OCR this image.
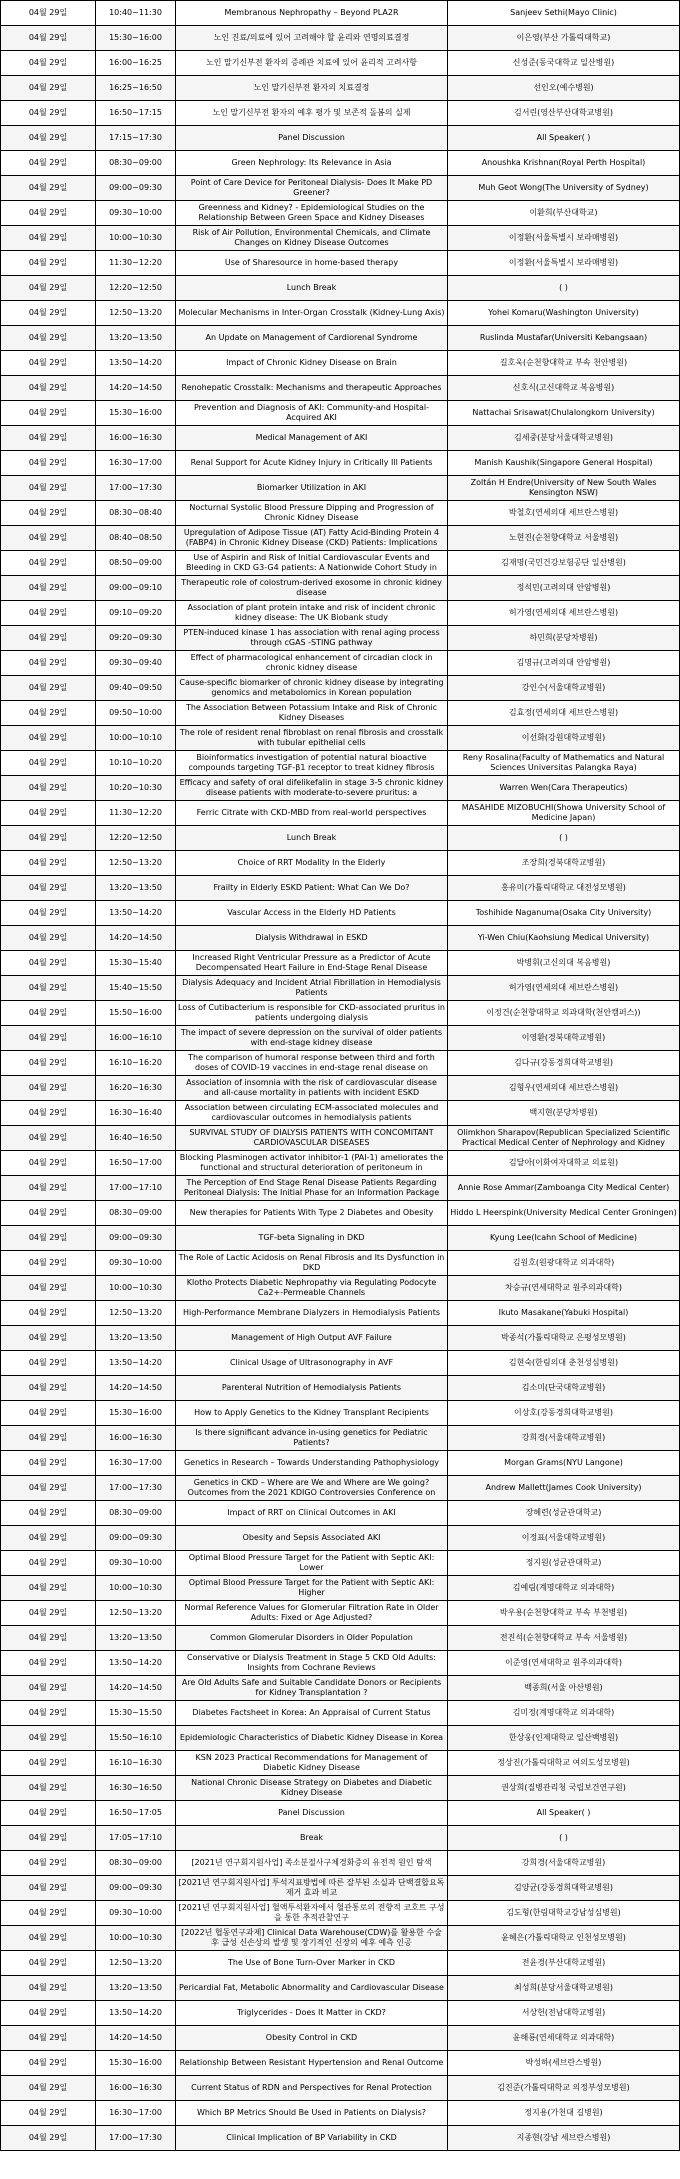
04월 29일	10:40~11:30	Membranous Nephropathy – Beyond PLA2R	Sanjeev Sethi(Mayo Clinic)
04월 29일	15:30~16:00	노인 진료/의료에 있어 고려해야 할 윤리와 연명의료결정	이은영(부산 가톨릭대학교)
04월 29일	16:00~16:25	노인 말기신부전 환자의 증례관 치료에 있어 윤리적 고려사항	신성준(동국대학교 일산병원)
04월 29일	16:25~16:50	노인 말기신부전 환자의 치료결정	선인오(예수병원)
04월 29일	16:50~17:15	노인 말기신부전 환자의 예후 평가 및 보존적 돌봄의 실제	김서린(영산부산대학교병원)
04월 29일	17:15~17:30	Panel Discussion	All Speaker( )
04월 29일	08:30~09:00	Green Nephrology: Its Relevance in Asia	Anoushka Krishnan(Royal Perth Hospital)
04월 29일	09:00~09:30	Point of Care Device for Peritoneal Dialysis- Does It Make PD Greener?	Muh Geot Wong(The University of Sydney)
04월 29일	09:30~10:00	Greenness and Kidney? - Epidemiological Studies on the Relationship Between Green Space and Kidney Diseases	이환희(부산대학교)
04월 29일	10:00~10:30	Risk of Air Pollution, Environmental Chemicals, and Climate Changes on Kidney Disease Outcomes	이정환(서울특별시 보라매병원)
04월 29일	11:30~12:20	Use of Sharesource in home-based therapy	이정환(서울특별시 보라매병원)
04월 29일	12:20~12:50	Lunch Break	( )
04월 29일	12:50~13:20	Molecular Mechanisms in Inter-Organ Crosstalk (Kidney-Lung Axis)	Yohei Komaru(Washington University)
04월 29일	13:20~13:50	An Update on Management of Cardiorenal Syndrome	Ruslinda Mustafar(Universiti Kebangsaan)
04월 29일	13:50~14:20	Impact of Chronic Kidney Disease on Brain	길호욱(순천향대학교 부속 천안병원)
04월 29일	14:20~14:50	Renohepatic Crosstalk: Mechanisms and therapeutic Approaches	신호식(고신대학교 복음병원)
04월 29일	15:30~16:00	Prevention and Diagnosis of AKI: Community-and Hospital-Acquired AKI	Nattachai Srisawat(Chulalongkorn University)
04월 29일	16:00~16:30	Medical Management of AKI	김세중(분당서울대학교병원)
04월 29일	16:30~17:00	Renal Support for Acute Kidney Injury in Critically Ill Patients	Manish Kaushik(Singapore General Hospital)
04월 29일	17:00~17:30	Biomarker Utilization in AKI	Zoltán H Endre(University of New South Wales Kensington NSW)
04월 29일	08:30~08:40	Nocturnal Systolic Blood Pressure Dipping and Progression of Chronic Kidney Disease	박철호(연세의대 세브란스병원)
04월 29일	08:40~08:50	Upregulation of Adipose Tissue (AT) Fatty Acid-Binding Protein 4 (FABP4) in Chronic Kidney Disease (CKD) Patients: Implications	노현진(순천향대학교 서울병원)
04월 29일	08:50~09:00	Use of Aspirin and Risk of Initial Cardiovascular Events and Bleeding in CKD G3-G4 patients: A Nationwide Cohort Study in	김재명(국민건강보험공단 일산병원)
04월 29일	09:00~09:10	Therapeutic role of colostrum-derived exosome in chronic kidney disease	정석민(고려의대 안암병원)
04월 29일	09:10~09:20	Association of plant protein intake and risk of incident chronic kidney disease: The UK Biobank study	허가영(연세의대 세브란스병원)
04월 29일	09:20~09:30	PTEN-induced kinase 1 has association with renal aging process through cGAS -STING pathway	하민희(분당차병원)
04월 29일	09:30~09:40	Effect of pharmacological enhancement of circadian clock in chronic kidney disease	김명규(고려의대 안암병원)
04월 29일	09:40~09:50	Cause-specific biomarker of chronic kidney disease by integrating genomics and metabolomics in Korean population	강인수(서울대학교병원)
04월 29일	09:50~10:00	The Association Between Potassium Intake and Risk of Chronic Kidney Diseases	김효정(연세의대 세브란스병원)
04월 29일	10:00~10:10	The role of resident renal fibroblast on renal fibrosis and crosstalk with tubular epithelial cells	이선화(강원대학교병원)
04월 29일	10:10~10:20	Bioinformatics investigation of potential natural bioactive compounds targeting TGF-β1 receptor to treat kidney fibrosis	Reny Rosalina(Faculty of Mathematics and Natural Sciences Universitas Palangka Raya)
04월 29일	10:20~10:30	Efficacy and safety of oral difelikefalin in stage 3-5 chronic kidney disease patients with moderate-to-severe pruritus: a	Warren Wen(Cara Therapeutics)
04월 29일	11:30~12:20	Ferric Citrate with CKD-MBD from real-world perspectives	MASAHIDE MIZOBUCHI(Showa University School of Medicine Japan)
04월 29일	12:20~12:50	Lunch Break	( )
04월 29일	12:50~13:20	Choice of RRT Modality In the Elderly	조장희(경북대학교병원)
04월 29일	13:20~13:50	Frailty in Elderly ESKD Patient: What Can We Do?	홍유미(가톨릭대학교 대전성모병원)
04월 29일	13:50~14:20	Vascular Access in the Elderly HD Patients	Toshihide Naganuma(Osaka City University)
04월 29일	14:20~14:50	Dialysis Withdrawal in ESKD	Yi-Wen Chiu(Kaohsiung Medical University)
04월 29일	15:30~15:40	Increased Right Ventricular Pressure as a Predictor of Acute Decompensated Heart Failure in End-Stage Renal Disease	박병휘(고신의대 복음병원)
04월 29일	15:40~15:50	Dialysis Adequacy and Incident Atrial Fibrillation in Hemodialysis Patients	허가영(연세의대 세브란스병원)
04월 29일	15:50~16:00	Loss of Cutibacterium is responsible for CKD-associated pruritus in patients undergoing dialysis	이정건(순천향대학교 의과대학(천안캠퍼스))
04월 29일	16:00~16:10	The impact of severe depression on the survival of older patients with end-stage kidney disease	이영환(경북대학교병원)
04월 29일	16:10~16:20	The comparison of humoral response between third and forth doses of COVID-19 vaccines in end-stage renal disease on	김다규(강동경희대학교병원)
04월 29일	16:20~16:30	Association of insomnia with the risk of cardiovascular disease and all-cause mortality in patients with incident ESKD	김형우(연세의대 세브란스병원)
04월 29일	16:30~16:40	Association between circulating ECM-associated molecules and cardiovascular outcomes in hemodialysis patients	백지현(분당차병원)
04월 29일	16:40~16:50	SURVIVAL STUDY OF DIALYSIS PATIENTS WITH CONCOMITANT CARDIOVASCULAR DISEASES	Olimkhon Sharapov(Republican Specialized Scientific Practical Medical Center of Nephrology and Kidney
04월 29일	16:50~17:00	Blocking Plasminogen activator inhibitor-1 (PAI-1) ameliorates the functional and structural deterioration of peritoneum in	김달아(이화여자대학교 의료원)
04월 29일	17:00~17:10	The Perception of End Stage Renal Disease Patients Regarding Peritoneal Dialysis: The Initial Phase for an Information Package	Annie Rose Ammar(Zamboanga City Medical Center)
04월 29일	08:30~09:00	New therapies for Patients With Type 2 Diabetes and Obesity	Hiddo L Heerspink(University Medical Center Groningen)
04월 29일	09:00~09:30	TGF-beta Signaling in DKD	Kyung Lee(Icahn School of Medicine)
04월 29일	09:30~10:00	The Role of Lactic Acidosis on Renal Fibrosis and Its Dysfunction in DKD	김원호(원광대학교 의과대학)
04월 29일	10:00~10:30	Klotho Protects Diabetic Nephropathy via Regulating Podocyte Ca2+-Permeable Channels	차승규(연세대학교 원주의과대학)
04월 29일	12:50~13:20	High-Performance Membrane Dialyzers in Hemodialysis Patients	Ikuto Masakane(Yabuki Hospital)
04월 29일	13:20~13:50	Management of High Output AVF Failure	박종석(가톨릭대학교 은평성모병원)
04월 29일	13:50~14:20	Clinical Usage of Ultrasonography in AVF	김현숙(한림의대 춘천성심병원)
04월 29일	14:20~14:50	Parenteral Nutrition of Hemodialysis Patients	김소미(단국대학교병원)
04월 29일	15:30~16:00	How to Apply Genetics to the Kidney Transplant Recipients	이상호(강동경희대학교병원)
04월 29일	16:00~16:30	Is there significant advance in-using genetics for Pediatric Patients?	강희경(서울대학교병원)
04월 29일	16:30~17:00	Genetics in Research – Towards Understanding Pathophysiology	Morgan Grams(NYU Langone)
04월 29일	17:00~17:30	Genetics in CKD – Where are We and Where are We going? Outcomes from the 2021 KDIGO Controversies Conference on	Andrew Mallett(James Cook University)
04월 29일	08:30~09:00	Impact of RRT on Clinical Outcomes in AKI	장혜련(성균관대학교)
04월 29일	09:00~09:30	Obesity and Sepsis Associated AKI	이정표(서울대학교병원)
04월 29일	09:30~10:00	Optimal Blood Pressure Target for the Patient with Septic AKI: Lower	정지원(성균관대학교)
04월 29일	10:00~10:30	Optimal Blood Pressure Target for the Patient with Septic AKI: Higher	김예림(계명대학교 의과대학)
04월 29일	12:50~13:20	Normal Reference Values for Glomerular Filtration Rate in Older Adults: Fixed or Age Adjusted?	박우용(순천향대학교 부속 부천병원)
04월 29일	13:20~13:50	Common Glomerular Disorders in Older Population	전진석(순천향대학교 부속 서울병원)
04월 29일	13:50~14:20	Conservative or Dialysis Treatment in Stage 5 CKD Old Adults: Insights from Cochrane Reviews	이준영(연세대학교 원주의과대학)
04월 29일	14:20~14:50	Are Old Adults Safe and Suitable Candidate Donors or Recipients for Kidney Transplantation ?	백종희(서울 아산병원)
04월 29일	15:30~15:50	Diabetes Factsheet in Korea: An Appraisal of Current Status	김미정(계명대학교 의과대학)
04월 29일	15:50~16:10	Epidemiologic Characteristics of Diabetic Kidney Disease in Korea	한상웅(인제대학교 일산백병원)
04월 29일	16:10~16:30	KSN 2023 Practical Recommendations for Management of Diabetic Kidney Disease	정상진(가톨릭대학교 여의도성모병원)
04월 29일	16:30~16:50	National Chronic Disease Strategy on Diabetes and Diabetic Kidney Disease	권상희(질병관리청 국립보건연구원)
04월 29일	16:50~17:05	Panel Discussion	All Speaker( )
04월 29일	17:05~17:10	Break	( )
04월 29일	08:30~09:00	[2021년 연구회지원사업] 족소분절사구체경화증의 유전적 원인 탐색	강희경(서울대학교병원)
04월 29일	09:00~09:30	[2021년 연구회지원사업] 투석지표방법에 따른 잘부된 소실과 단백결합요독 제거 효과 비교	김양균(강동경희대학교병원)
04월 29일	09:30~10:00	[2021년 연구회지원사업] 혈액투석환자에서 혈관통로의 전향적 코호트 구성을 통한 추적관찰연구	김도형(한림대학교강남성심병원)
04월 29일	10:00~10:30	[2022년 협동연구과제] Clinical Data Warehouse(CDW)를 활용한 수술 후 급성 신손상의 발생 및 장기적인 신장의 예후 예측 인공	윤혜은(가톨릭대학교 인천성모병원)
04월 29일	12:50~13:20	The Use of Bone Turn-Over Marker in CKD	전윤경(부산대학교병원)
04월 29일	13:20~13:50	Pericardial Fat, Metabolic Abnormality and Cardiovascular Disease	최성희(분당서울대학교병원)
04월 29일	13:50~14:20	Triglycerides - Does It Matter in CKD?	서상헌(전남대학교병원)
04월 29일	14:20~14:50	Obesity Control in CKD	윤해룡(연세대학교 의과대학)
04월 29일	15:30~16:00	Relationship Between Resistant Hypertension and Renal Outcome	박성하(세브란스병원)
04월 29일	16:00~16:30	Current Status of RDN and Perspectives for Renal Protection	김진준(가톨릭대학교 의정부성모병원)
04월 29일	16:30~17:00	Which BP Metrics Should Be Used in Patients on Dialysis?	정지용(가천대 길병원)
04월 29일	17:00~17:30	Clinical Implication of BP Variability in CKD	지종현(강남 세브란스병원)
